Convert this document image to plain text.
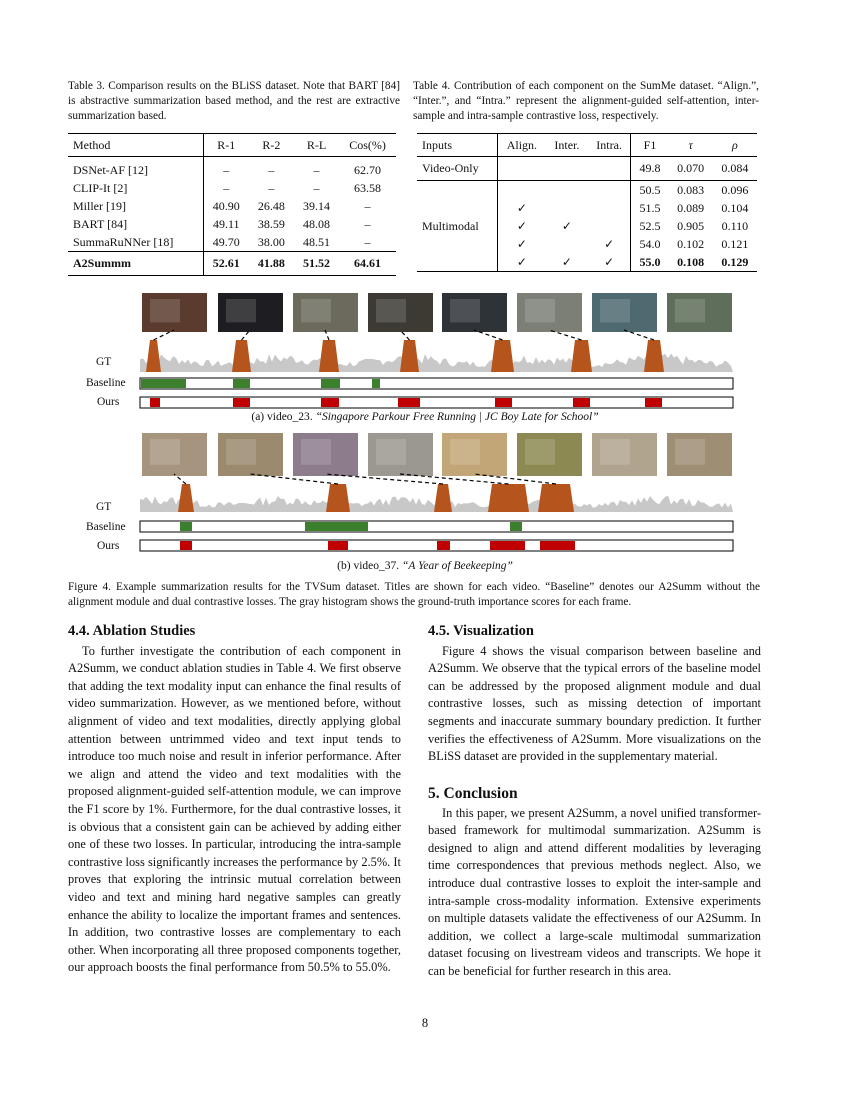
Table 3. Comparison results on the BLiSS dataset. Note that BART [84] is abstractive summarization based method, and the rest are extractive summarization based.
Method	R-1	R-2	R-L	Cos(%)
DSNet-AF [12]	–	–	–	62.70
CLIP-It [2]	–	–	–	63.58
Miller [19]	40.90	26.48	39.14	–
BART [84]	49.11	38.59	48.08	–
SummaRuNNer [18]	49.70	38.00	48.51	–
A2Summm	52.61	41.88	51.52	64.61
Table 4. Contribution of each component on the SumMe dataset. “Align.”, “Inter.”, and “Intra.” represent the alignment-guided self-attention, inter-sample and intra-sample contrastive loss, respectively.
Inputs	Align.	Inter.	Intra.	F1	τ	ρ
Video-Only				49.8	0.070	0.084
				50.5	0.083	0.096
	✓			51.5	0.089	0.104
Multimodal	✓	✓		52.5	0.905	0.110
	✓		✓	54.0	0.102	0.121
	✓	✓	✓	55.0	0.108	0.129
GT
Baseline
Ours
(a) video_23. “Singapore Parkour Free Running | JC Boy Late for School”
GT
Baseline
Ours
(b) video_37. “A Year of Beekeeping”
Figure 4. Example summarization results for the TVSum dataset. Titles are shown for each video. “Baseline” denotes our A2Summ without the alignment module and dual contrastive losses. The gray histogram shows the ground-truth importance scores for each frame.
4.4. Ablation Studies

To further investigate the contribution of each component in A2Summ, we conduct ablation studies in Table 4. We first observe that adding the text modality input can enhance the final results of video summarization. However, as we mentioned before, without alignment of video and text modalities, directly applying global attention between untrimmed video and text input tends to introduce too much noise and result in inferior performance. After we align and attend the video and text modalities with the proposed alignment-guided self-attention module, we can improve the F1 score by 1%. Furthermore, for the dual contrastive losses, it is obvious that a consistent gain can be achieved by adding either one of these two losses. In particular, introducing the intra-sample contrastive loss significantly increases the performance by 2.5%. It proves that exploring the intrinsic mutual correlation between video and text and mining hard negative samples can greatly enhance the ability to localize the important frames and sentences. In addition, two contrastive losses are complementary to each other. When incorporating all three proposed components together, our approach boosts the final performance from 50.5% to 55.0%.

4.5. Visualization

Figure 4 shows the visual comparison between baseline and A2Summ. We observe that the typical errors of the baseline model can be addressed by the proposed alignment module and dual contrastive losses, such as missing detection of important segments and inaccurate summary boundary prediction. It further verifies the effectiveness of A2Summ. More visualizations on the BLiSS dataset are provided in the supplementary material.

5. Conclusion

In this paper, we present A2Summ, a novel unified transformer-based framework for multimodal summarization. A2Summ is designed to align and attend different modalities by leveraging time correspondences that previous methods neglect. Also, we introduce dual contrastive losses to exploit the inter-sample and intra-sample cross-modality information. Extensive experiments on multiple datasets validate the effectiveness of our A2Summ. In addition, we collect a large-scale multimodal summarization dataset focusing on livestream videos and transcripts. We hope it can be beneficial for further research in this area.

8
